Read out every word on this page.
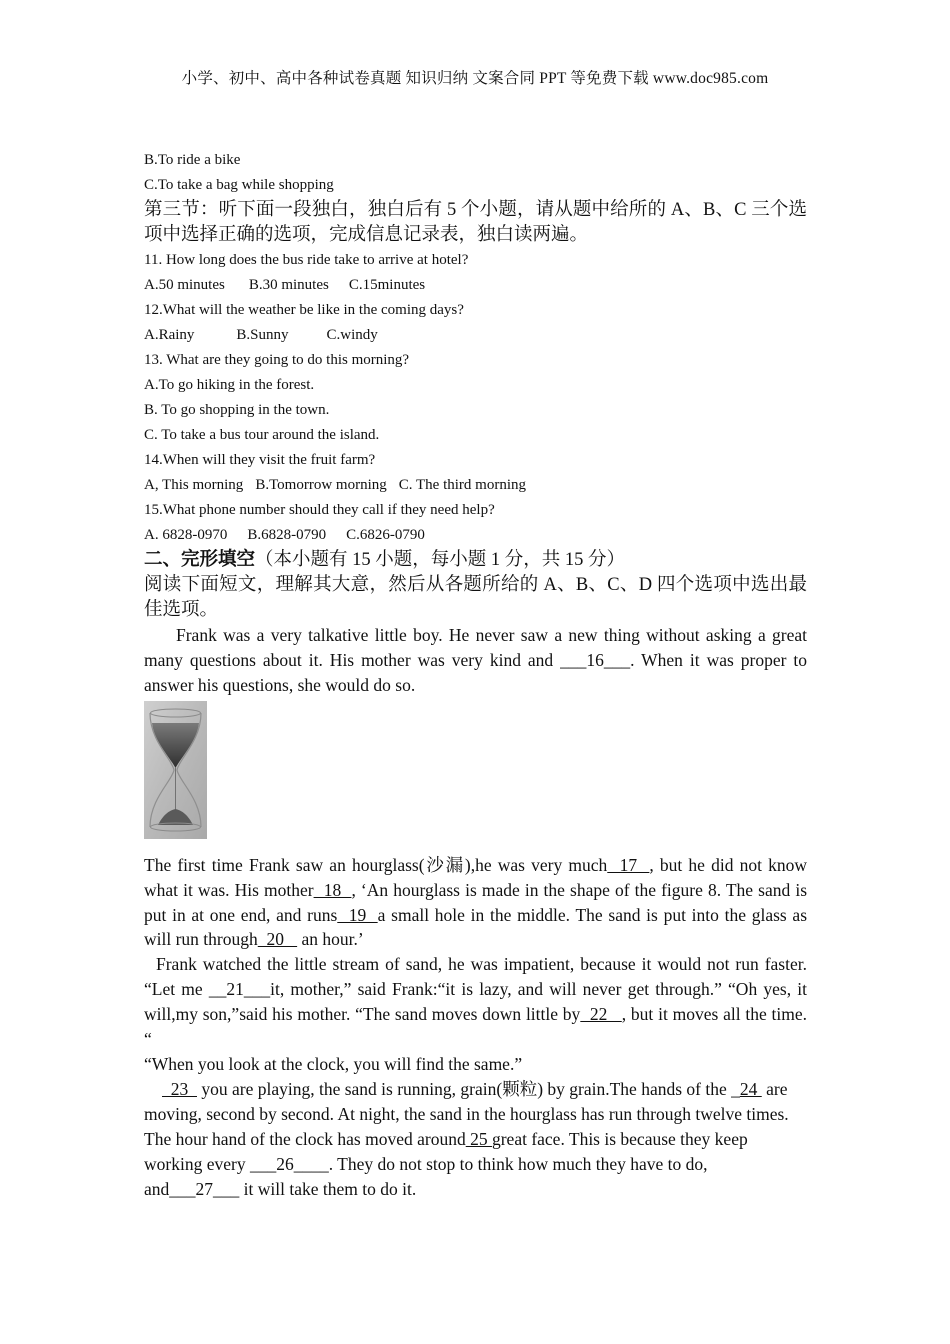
小学、初中、高中各种试卷真题 知识归纳 文案合同 PPT 等免费下载 www.doc985.com
B.To ride a bike
C.To take a bag while shopping
第三节：听下面一段独白，独白后有 5 个小题，请从题中给所的 A、B、C 三个选项中选择正确的选项，完成信息记录表，独白读两遍。
11. How long does the bus ride take to arrive at hotel?
A.50 minutes B.30 minutes C.15minutes
12.What will the weather be like in the coming days?
A.Rainy	B.Sunny	C.windy
13. What are they going to do this morning?
A.To go hiking in the forest.
B. To go shopping in the town.
C. To take a bus tour around the island.
14.When will they visit the fruit farm?
A, This morning B.Tomorrow morning C. The third morning
15.What phone number should they call if they need help?
A. 6828-0970 B.6828-0790 C.6826-0790
二、完形填空（本小题有 15 小题，每小题 1 分，共 15 分）
阅读下面短文，理解其大意，然后从各题所给的 A、B、C、D 四个选项中选出最佳选项。
Frank was a very talkative little boy. He never saw a new thing without asking a great many questions about it. His mother was very kind and ___16___. When it was proper to answer his questions, she would do so.
The first time Frank saw an hourglass(沙漏),he was very much  17  , but he did not know what it was. His mother  18  , ‘An hourglass is made in the shape of the figure 8. The sand is put in at one end, and runs  19  a small hole in the middle. The sand is put into the glass as will run through  20    an hour.’
Frank watched the little stream of sand, he was impatient, because it would not run faster. “Let me __21___it, mother,” said Frank:“it is lazy, and will never get through.” “Oh yes, it will,my son,”said his mother. “The sand moves down little by  22   , but it moves all the time. “
“When you look at the clock, you will find the same.”
23   you are playing, the sand is running, grain(颗粒) by grain.The hands of the _24  are moving, second by second. At night, the sand in the hourglass has run through twelve times. The hour hand of the clock has moved around 25 great face. This is because they keep working every ___26____. They do not stop to think how much they have to do, and___27___ it will take them to do it.
